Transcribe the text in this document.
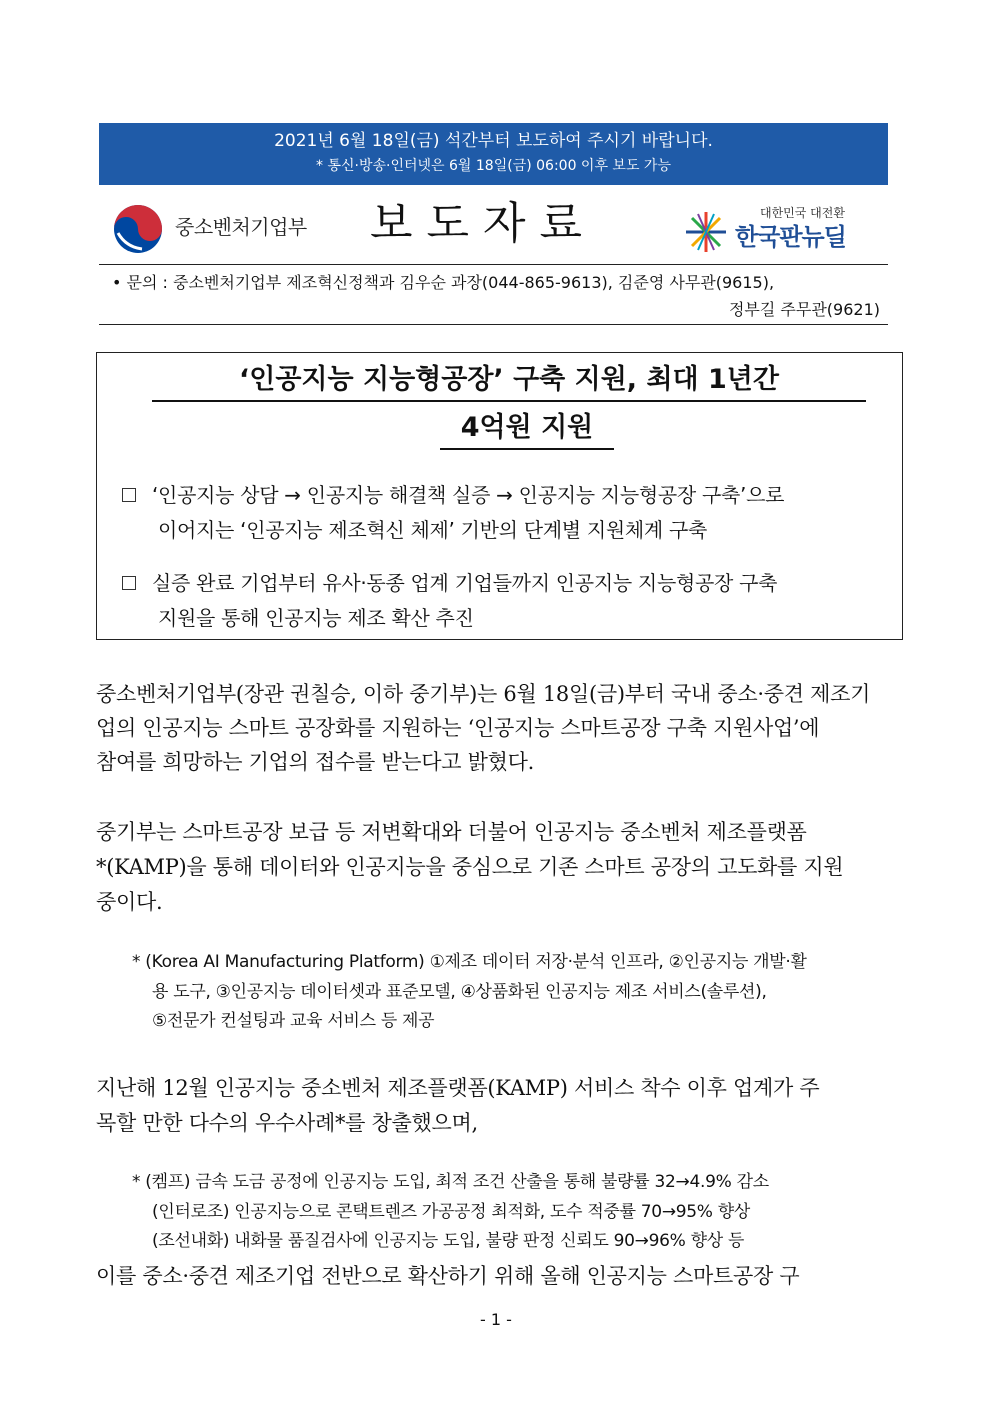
2021년 6월 18일(금) 석간부터 보도하여 주시기 바랍니다.
* 통신·방송·인터넷은 6월 18일(금) 06:00 이후 보도 가능
중소벤처기업부 보도자료	대한민국 대전환
한국판뉴딜
• 문의 : 중소벤처기업부 제조혁신정책과 김우순 과장(044-865-9613), 김준영 사무관(9615),
정부길 주무관(9621)
‘인공지능 지능형공장’ 구축 지원, 최대 1년간
4억원 지원
‘인공지능 상담 → 인공지능 해결책 실증 → 인공지능 지능형공장 구축’으로
이어지는 ‘인공지능 제조혁신 체제’ 기반의 단계별 지원체계 구축
실증 완료 기업부터 유사·동종 업계 기업들까지 인공지능 지능형공장 구축
지원을 통해 인공지능 제조 확산 추진
중소벤처기업부(장관 권칠승, 이하 중기부)는 6월 18일(금)부터 국내 중소·중견 제조기
업의 인공지능 스마트 공장화를 지원하는 ‘인공지능 스마트공장 구축 지원사업’에
참여를 희망하는 기업의 접수를 받는다고 밝혔다.
중기부는 스마트공장 보급 등 저변확대와 더불어 인공지능 중소벤처 제조플랫폼
*(KAMP)을 통해 데이터와 인공지능을 중심으로 기존 스마트 공장의 고도화를 지원
중이다.
* (Korea AI Manufacturing Platform) ①제조 데이터 저장·분석 인프라, ②인공지능 개발·활
용 도구, ③인공지능 데이터셋과 표준모델, ④상품화된 인공지능 제조 서비스(솔루션),
⑤전문가 컨설팅과 교육 서비스 등 제공
지난해 12월 인공지능 중소벤처 제조플랫폼(KAMP) 서비스 착수 이후 업계가 주
목할 만한 다수의 우수사례*를 창출했으며,
* (켐프) 금속 도금 공정에 인공지능 도입, 최적 조건 산출을 통해 불량률 32→4.9% 감소
(인터로조) 인공지능으로 콘택트렌즈 가공공정 최적화, 도수 적중률 70→95% 향상
(조선내화) 내화물 품질검사에 인공지능 도입, 불량 판정 신뢰도 90→96% 향상 등
이를 중소·중견 제조기업 전반으로 확산하기 위해 올해 인공지능 스마트공장 구
- 1 -
